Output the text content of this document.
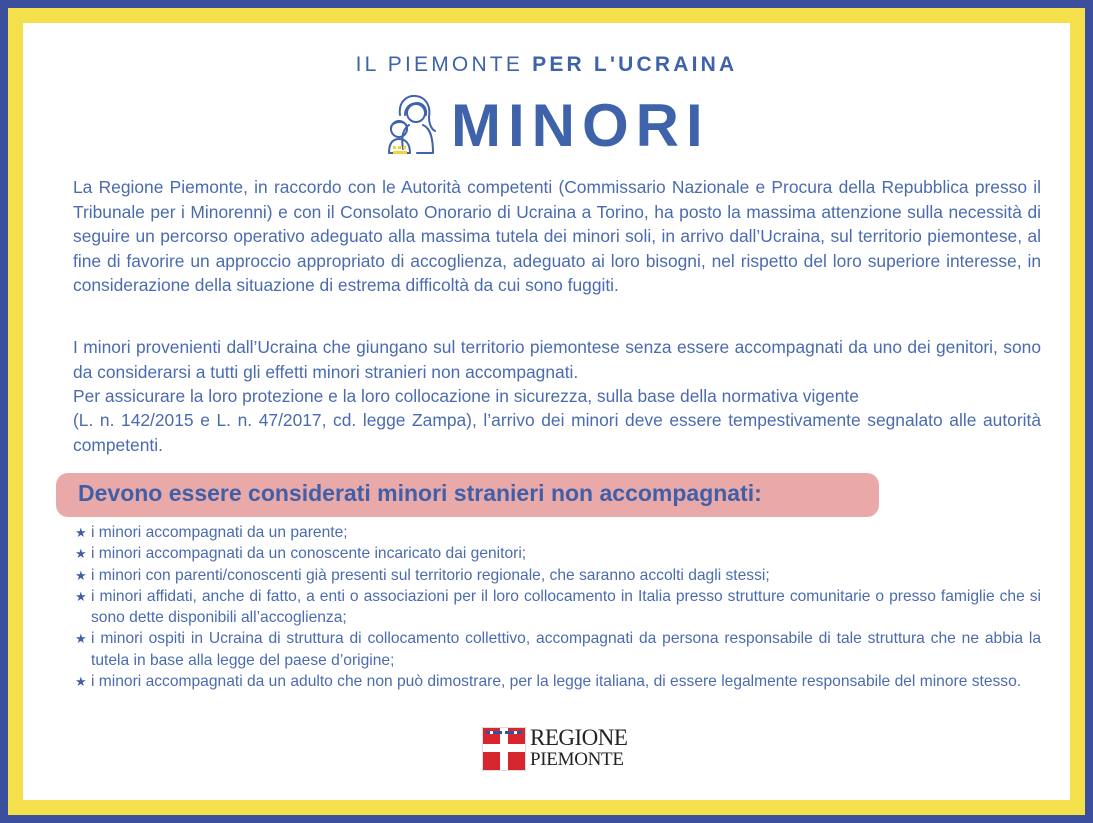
IL PIEMONTE PER L'UCRAINA
MINORI

La Regione Piemonte, in raccordo con le Autorità competenti (Commissario Nazionale e Procura della Repubblica presso il Tribunale per i Minorenni) e con il Consolato Onorario di Ucraina a Torino, ha posto la massima attenzione sulla necessità di seguire un percorso operativo adeguato alla massima tutela dei minori soli, in arrivo dall’Ucraina, sul territorio piemontese, al fine di favorire un approccio appropriato di accoglienza, adeguato ai loro bisogni, nel rispetto del loro superiore interesse, in considerazione della situazione di estrema difficoltà da cui sono fuggiti.

I minori provenienti dall’Ucraina che giungano sul territorio piemontese senza essere accompagnati da uno dei genitori, sono da considerarsi a tutti gli effetti minori stranieri non accompagnati.

Per assicurare la loro protezione e la loro collocazione in sicurezza, sulla base della normativa vigente

(L. n. 142/2015 e L. n. 47/2017, cd. legge Zampa), l’arrivo dei minori deve essere tempestivamente segnalato alle autorità competenti.

Devono essere considerati minori stranieri non accompagnati:
★ i minori accompagnati da un parente;
★ i minori accompagnati da un conoscente incaricato dai genitori;
★ i minori con parenti/conoscenti già presenti sul territorio regionale, che saranno accolti dagli stessi;
★ i minori affidati, anche di fatto, a enti o associazioni per il loro collocamento in Italia presso strutture comunitarie o presso famiglie che si sono dette disponibili all’accoglienza;
★ i minori ospiti in Ucraina di struttura di collocamento collettivo, accompagnati da persona responsabile di tale struttura che ne abbia la tutela in base alla legge del paese d’origine;
★ i minori accompagnati da un adulto che non può dimostrare, per la legge italiana, di essere legalmente responsabile del minore stesso.
REGIONE
PIEMONTE
